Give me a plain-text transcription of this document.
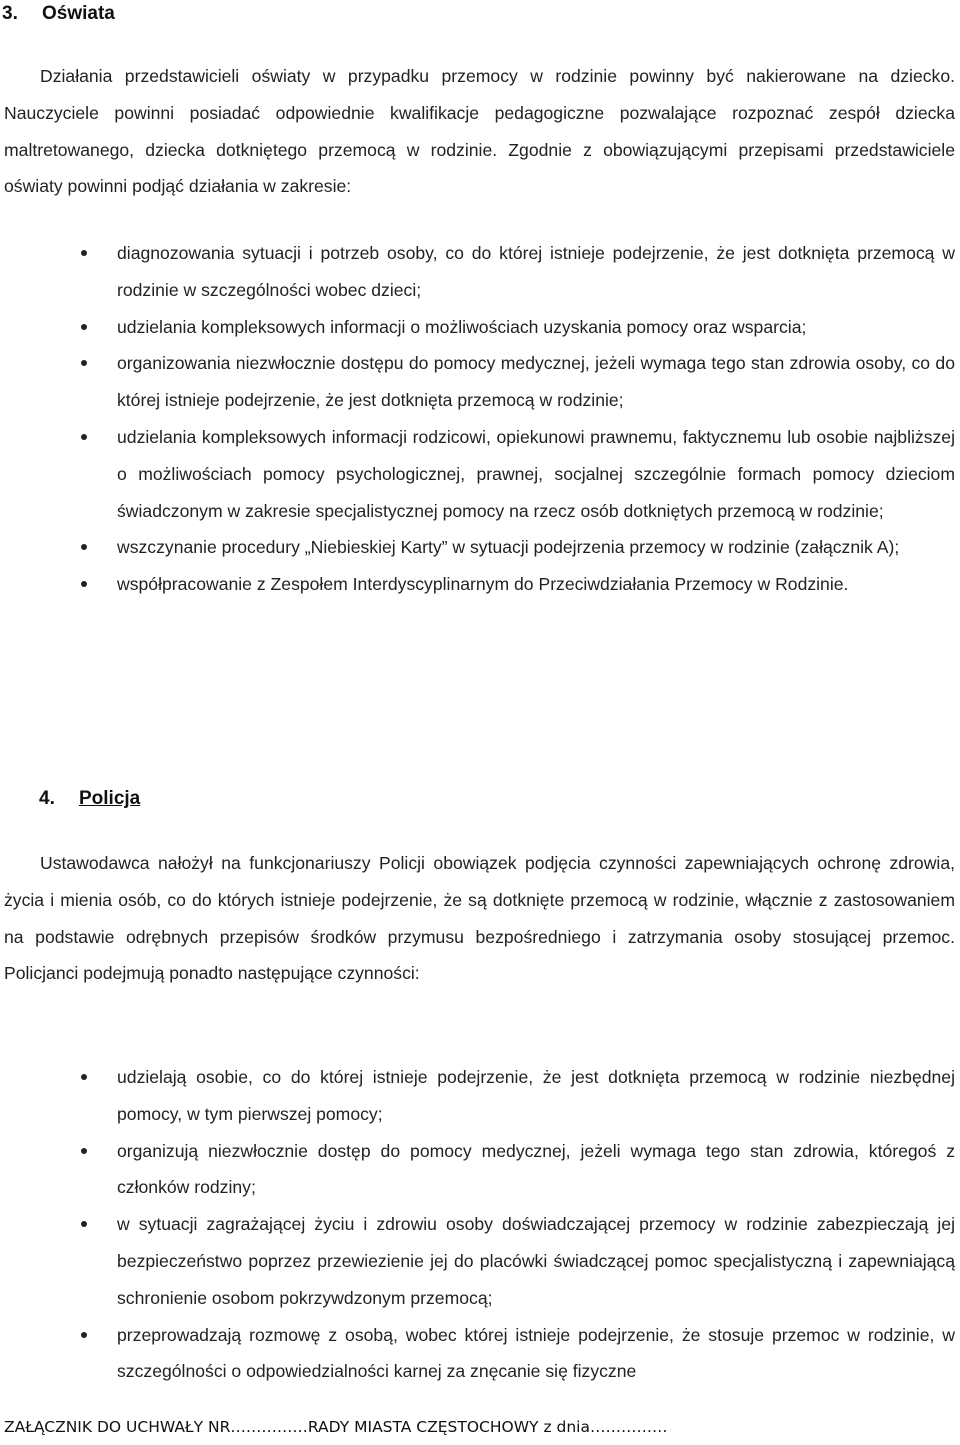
3. Oświata

Działania przedstawicieli oświaty w przypadku przemocy w rodzinie powinny być nakierowane na dziecko. Nauczyciele powinni posiadać odpowiednie kwalifikacje pedagogiczne pozwalające rozpoznać zespół dziecka maltretowanego, dziecka dotkniętego przemocą w rodzinie. Zgodnie z obowiązującymi przepisami przedstawiciele oświaty powinni podjąć działania w zakresie:

diagnozowania sytuacji i potrzeb osoby, co do której istnieje podejrzenie, że jest dotknięta przemocą w rodzinie w szczególności wobec dzieci;
udzielania kompleksowych informacji o możliwościach uzyskania pomocy oraz wsparcia;
organizowania niezwłocznie dostępu do pomocy medycznej, jeżeli wymaga tego stan zdrowia osoby, co do której istnieje podejrzenie, że jest dotknięta przemocą w rodzinie;
udzielania kompleksowych informacji rodzicowi, opiekunowi prawnemu, faktycznemu lub osobie najbliższej o możliwościach pomocy psychologicznej, prawnej, socjalnej szczególnie formach pomocy dzieciom świadczonym w zakresie specjalistycznej pomocy na rzecz osób dotkniętych przemocą w rodzinie;
wszczynanie procedury „Niebieskiej Karty” w sytuacji podejrzenia przemocy w rodzinie (załącznik A);
współpracowanie z Zespołem Interdyscyplinarnym do Przeciwdziałania Przemocy w Rodzinie.
4. Policja

Ustawodawca nałożył na funkcjonariuszy Policji obowiązek podjęcia czynności zapewniających ochronę zdrowia, życia i mienia osób, co do których istnieje podejrzenie, że są dotknięte przemocą w rodzinie, włącznie z zastosowaniem na podstawie odrębnych przepisów środków przymusu bezpośredniego i zatrzymania osoby stosującej przemoc. Policjanci podejmują ponadto następujące czynności:

udzielają osobie, co do której istnieje podejrzenie, że jest dotknięta przemocą w rodzinie niezbędnej pomocy, w tym pierwszej pomocy;
organizują niezwłocznie dostęp do pomocy medycznej, jeżeli wymaga tego stan zdrowia, któregoś z członków rodziny;
w sytuacji zagrażającej życiu i zdrowiu osoby doświadczającej przemocy w rodzinie zabezpieczają jej bezpieczeństwo poprzez przewiezienie jej do placówki świadczącej pomoc specjalistyczną i zapewniającą schronienie osobom pokrzywdzonym przemocą;
przeprowadzają rozmowę z osobą, wobec której istnieje podejrzenie, że stosuje przemoc w rodzinie, w szczególności o odpowiedzialności karnej za znęcanie się fizyczne
ZAŁĄCZNIK DO UCHWAŁY NR……………RADY MIASTA CZĘSTOCHOWY z dnia……………
